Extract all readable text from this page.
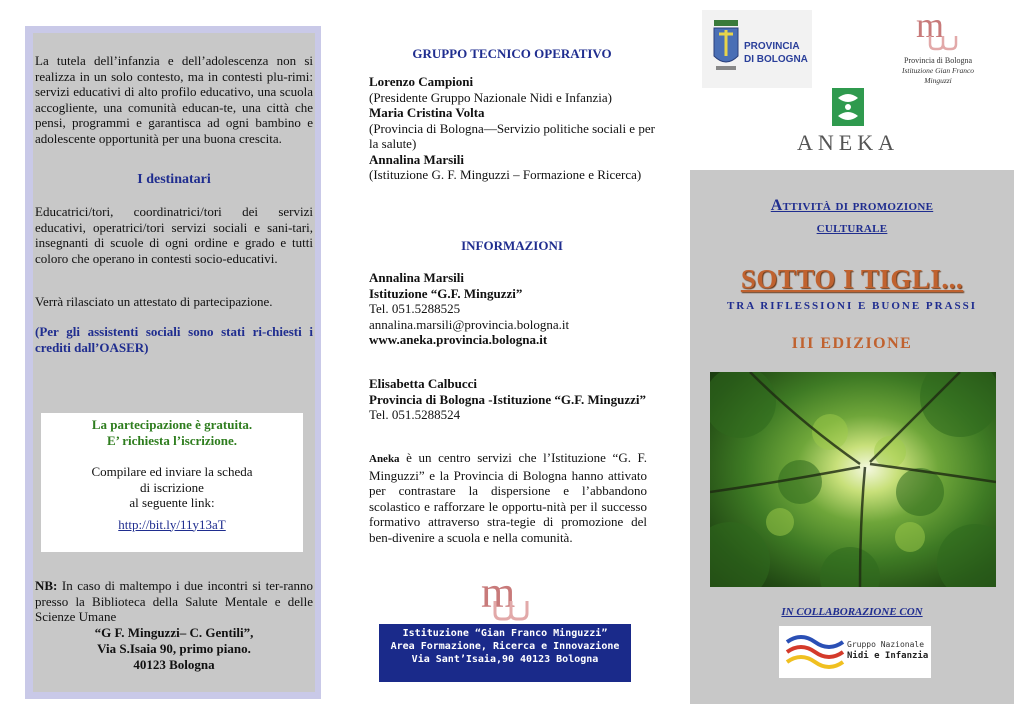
La tutela dell’infanzia e dell’adolescenza non si realizza in un solo contesto, ma in contesti plu-rimi: servizi educativi di alto profilo educativo, una scuola accogliente, una comunità educan-te, una città che pensi, programmi e garantisca ad ogni bambino e adolescente opportunità per una buona crescita.

I destinatari

Educatrici/tori, coordinatrici/tori dei servizi educativi, operatrici/tori servizi sociali e sani-tari, insegnanti di scuole di ogni ordine e grado e tutti coloro che operano in contesti socio-educativi.

Verrà rilasciato un attestato di partecipazione.

(Per gli assistenti sociali sono stati ri-chiesti i crediti dall’OASER)

La partecipazione è gratuita.

E’ richiesta l’iscrizione.

Compilare ed inviare la scheda

di iscrizione

al seguente link:

http://bit.ly/11y13aT

NB: In caso di maltempo i due incontri si ter-ranno presso la Biblioteca della Salute Mentale e delle Scienze Umane

“G F. Minguzzi– C. Gentili”,

Via S.Isaia 90, primo piano.

40123 Bologna

GRUPPO TECNICO OPERATIVO

Lorenzo Campioni

(Presidente Gruppo Nazionale Nidi e Infanzia)

Maria Cristina Volta

(Provincia di Bologna—Servizio politiche sociali e per la salute)

Annalina Marsili

(Istituzione G. F. Minguzzi – Formazione e Ricerca)

INFORMAZIONI

Annalina Marsili

Istituzione “G.F. Minguzzi”

Tel. 051.5288525

annalina.marsili@provincia.bologna.it

www.aneka.provincia.bologna.it

Elisabetta Calbucci

Provincia di Bologna -Istituzione “G.F. Minguzzi”

Tel. 051.5288524

Aneka è un centro servizi che l’Istituzione “G. F. Minguzzi” e la Provincia di Bologna hanno attivato per contrastare la dispersione e l’abbandono scolastico e rafforzare le opportu-nità per il successo formativo attraverso stra-tegie di promozione del ben-divenire a scuola e nella comunità.

m

Istituzione “Gian Franco Minguzzi”

Area Formazione, Ricerca e Innovazione

Via Sant’Isaia,90 40123 Bologna

PROVINCIA DI BOLOGNA
m
Provincia di Bologna
Istituzione Gian Franco Minguzzi
ANEKA

Attività di promozione

culturale

SOTTO I TIGLI...

TRA RIFLESSIONI E BUONE PRASSI

III EDIZIONE

IN COLLABORAZIONE CON

Gruppo Nazionale
Nidi e Infanzia
